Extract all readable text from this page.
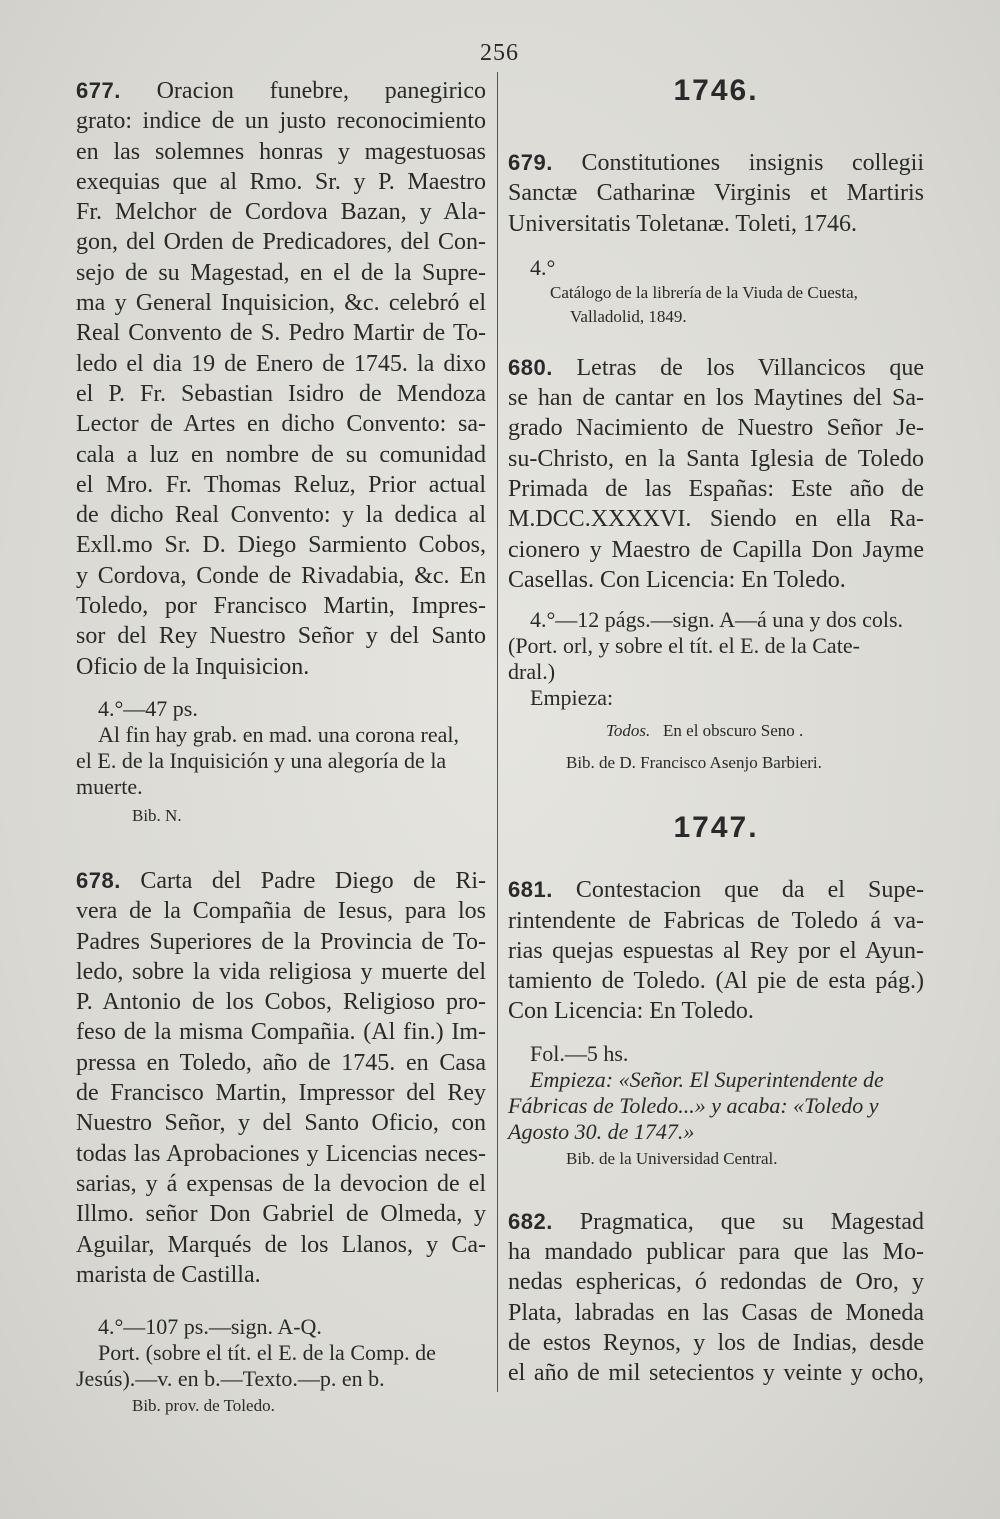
256
677. Oracion funebre, panegirico
grato: indice de un justo reconocimiento
en las solemnes honras y magestuosas
exequias que al Rmo. Sr. y P. Maestro
Fr. Melchor de Cordova Bazan, y Ala-
gon, del Orden de Predicadores, del Con-
sejo de su Magestad, en el de la Supre-
ma y General Inquisicion, &c. celebró el
Real Convento de S. Pedro Martir de To-
ledo el dia 19 de Enero de 1745. la dixo
el P. Fr. Sebastian Isidro de Mendoza
Lector de Artes en dicho Convento: sa-
cala a luz en nombre de su comunidad
el Mro. Fr. Thomas Reluz, Prior actual
de dicho Real Convento: y la dedica al
Exll.mo Sr. D. Diego Sarmiento Cobos,
y Cordova, Conde de Rivadabia, &c. En
Toledo, por Francisco Martin, Impres-
sor del Rey Nuestro Señor y del Santo
Oficio de la Inquisicion.
4.°—47 ps.
Al fin hay grab. en mad. una corona real,
el E. de la Inquisición y una alegoría de la
muerte.
Bib. N.
678. Carta del Padre Diego de Ri-
vera de la Compañia de Iesus, para los
Padres Superiores de la Provincia de To-
ledo, sobre la vida religiosa y muerte del
P. Antonio de los Cobos, Religioso pro-
feso de la misma Compañia. (Al fin.) Im-
pressa en Toledo, año de 1745. en Casa
de Francisco Martin, Impressor del Rey
Nuestro Señor, y del Santo Oficio, con
todas las Aprobaciones y Licencias neces-
sarias, y á expensas de la devocion de el
Illmo. señor Don Gabriel de Olmeda, y
Aguilar, Marqués de los Llanos, y Ca-
marista de Castilla.
4.°—107 ps.—sign. A-Q.
Port. (sobre el tít. el E. de la Comp. de
Jesús).—v. en b.—Texto.—p. en b.
Bib. prov. de Toledo.
1746.
679. Constitutiones insignis collegii
Sanctæ Catharinæ Virginis et Martiris
Universitatis Toletanæ. Toleti, 1746.
4.°
Catálogo de la librería de la Viuda de Cuesta,
Valladolid, 1849.
680. Letras de los Villancicos que
se han de cantar en los Maytines del Sa-
grado Nacimiento de Nuestro Señor Je-
su-Christo, en la Santa Iglesia de Toledo
Primada de las Españas: Este año de
M.DCC.XXXXVI. Siendo en ella Ra-
cionero y Maestro de Capilla Don Jayme
Casellas. Con Licencia: En Toledo.
4.°—12 págs.—sign. A—á una y dos cols.
(Port. orl, y sobre el tít. el E. de la Cate-
dral.)
Empieza:
Todos. En el obscuro Seno .
Bib. de D. Francisco Asenjo Barbieri.
1747.
681. Contestacion que da el Supe-
rintendente de Fabricas de Toledo á va-
rias quejas espuestas al Rey por el Ayun-
tamiento de Toledo. (Al pie de esta pág.)
Con Licencia: En Toledo.
Fol.—5 hs.
Empieza: «Señor. El Superintendente de
Fábricas de Toledo...» y acaba: «Toledo y
Agosto 30. de 1747.»
Bib. de la Universidad Central.
682. Pragmatica, que su Magestad
ha mandado publicar para que las Mo-
nedas esphericas, ó redondas de Oro, y
Plata, labradas en las Casas de Moneda
de estos Reynos, y los de Indias, desde
el año de mil setecientos y veinte y ocho,
